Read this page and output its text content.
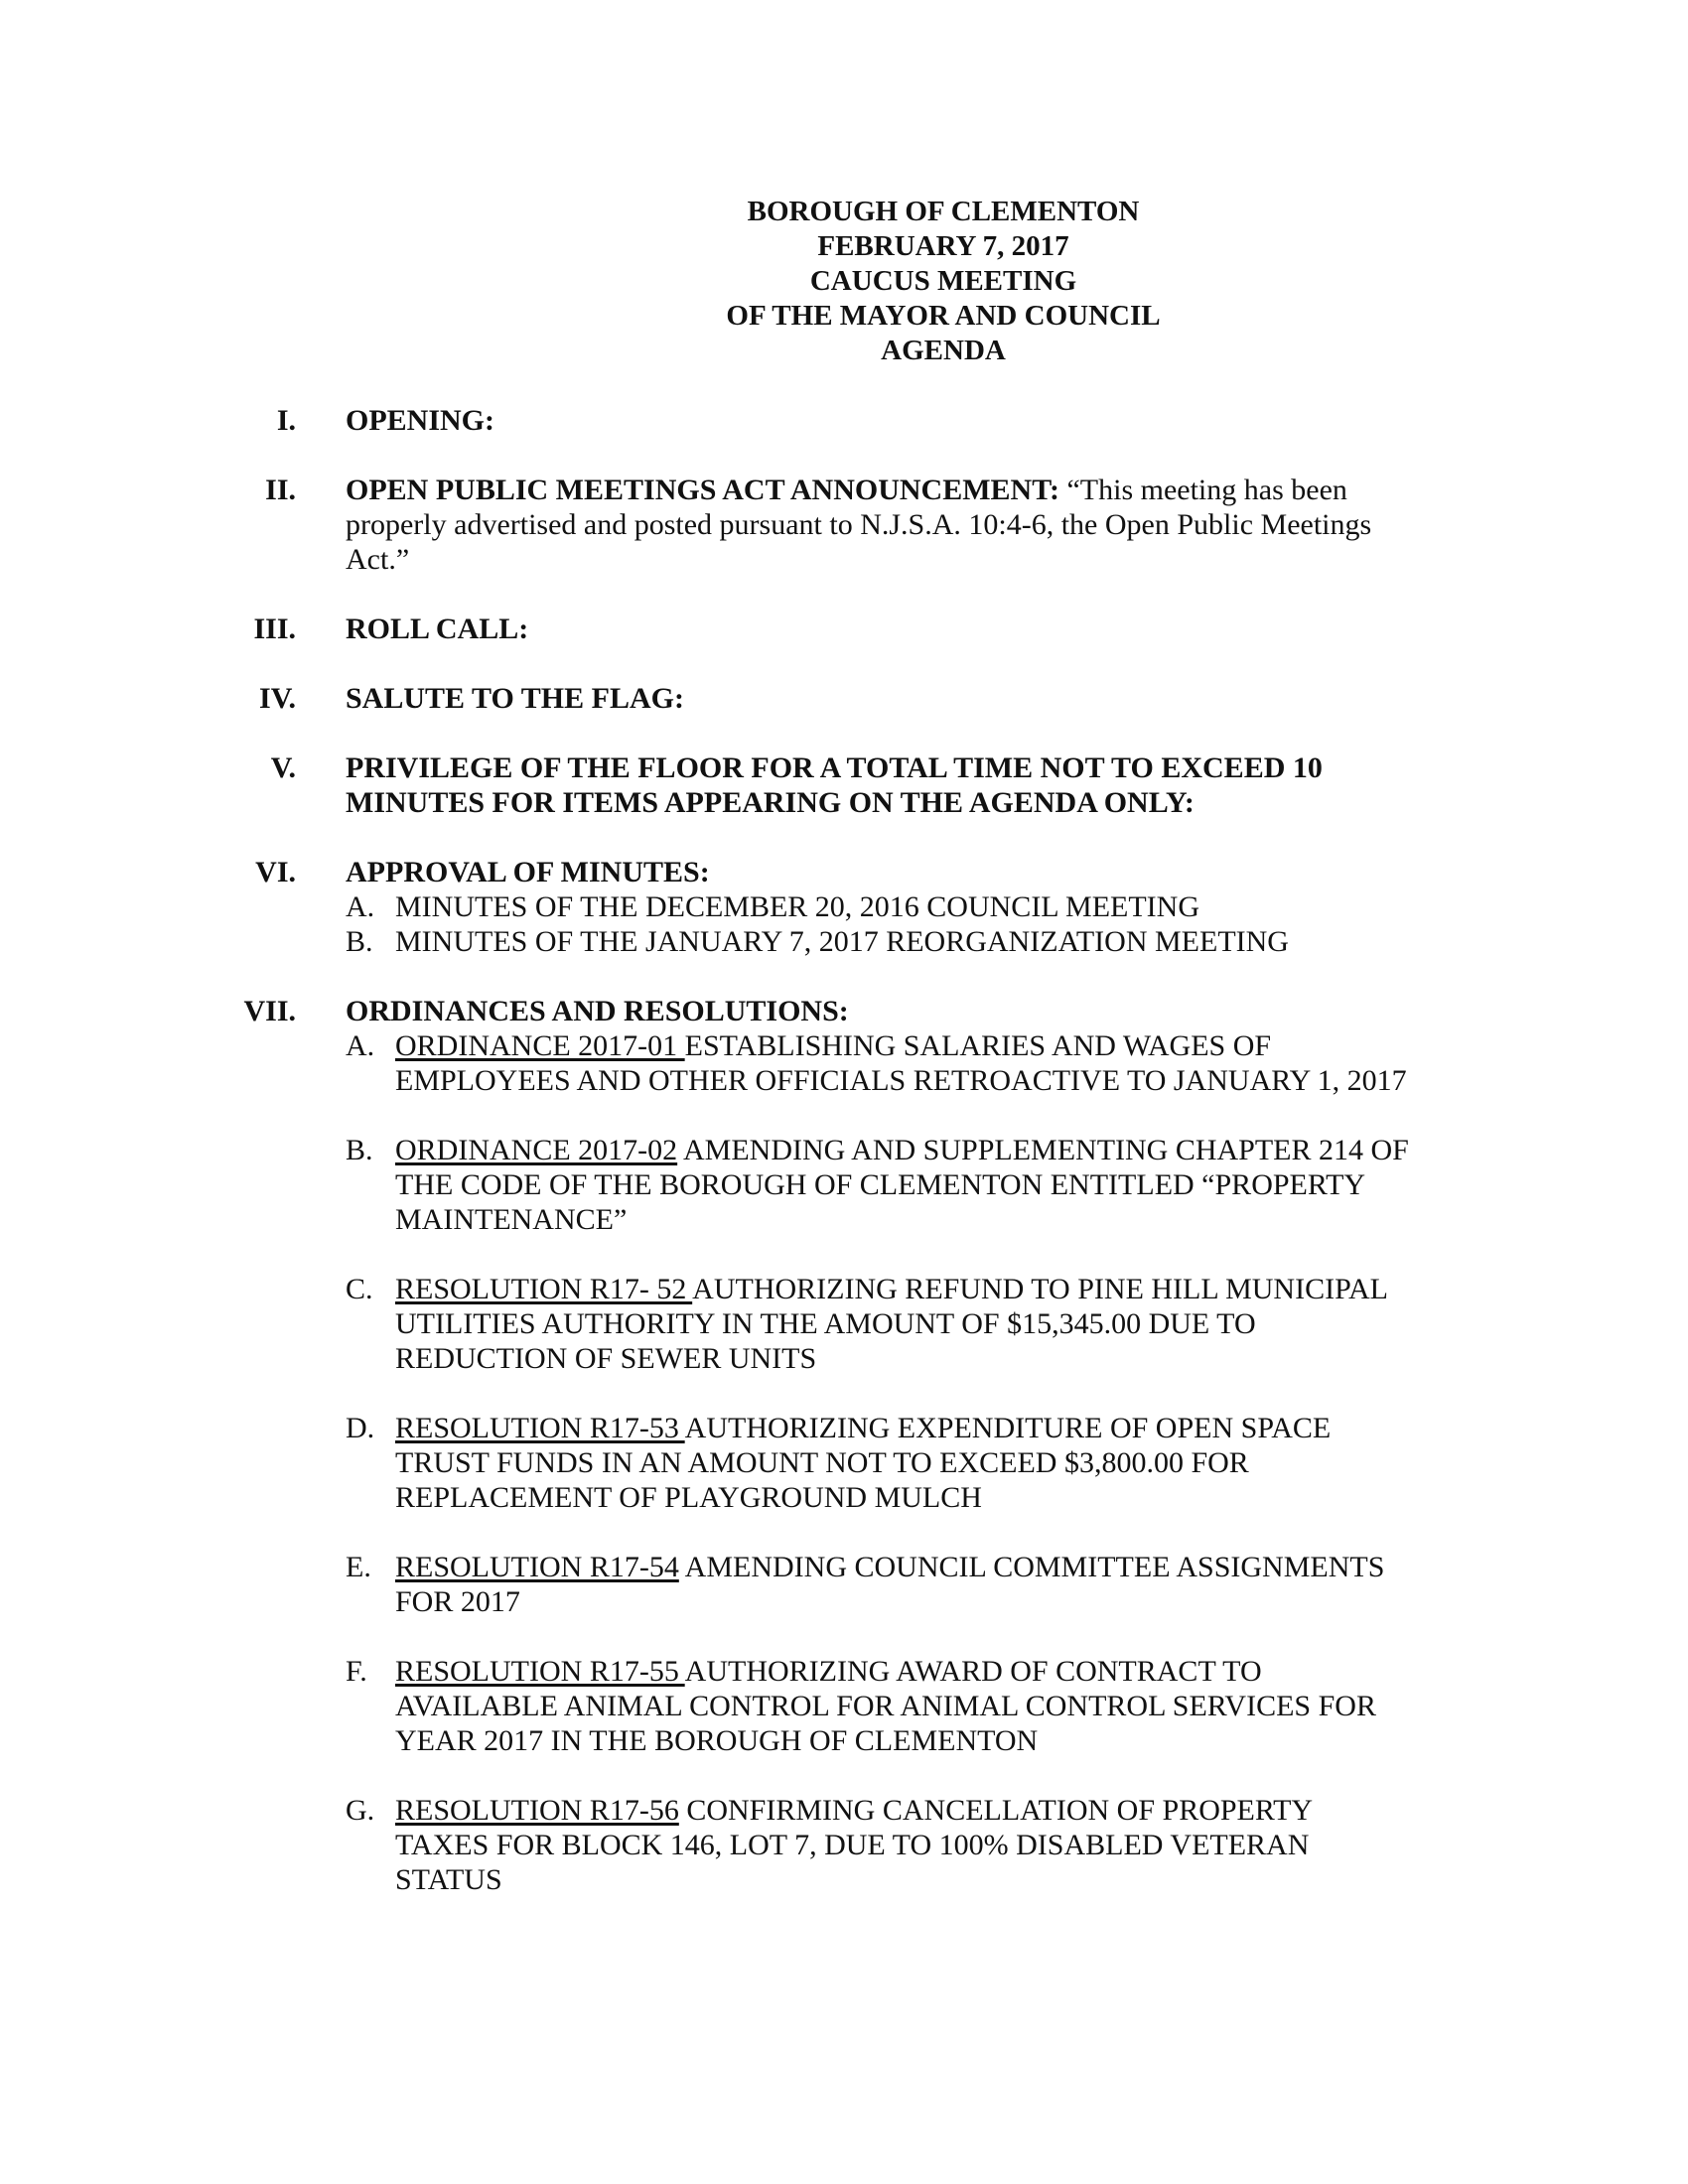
BOROUGH OF CLEMENTON
FEBRUARY 7, 2017
CAUCUS MEETING
OF THE MAYOR AND COUNCIL
AGENDA
I. OPENING:
II. OPEN PUBLIC MEETINGS ACT ANNOUNCEMENT: “This meeting has been
properly advertised and posted pursuant to N.J.S.A. 10:4-6, the Open Public Meetings
Act.”
III. ROLL CALL:
IV. SALUTE TO THE FLAG:
V. PRIVILEGE OF THE FLOOR FOR A TOTAL TIME NOT TO EXCEED 10
MINUTES FOR ITEMS APPEARING ON THE AGENDA ONLY:
VI. APPROVAL OF MINUTES:
A. MINUTES OF THE DECEMBER 20, 2016 COUNCIL MEETING
B. MINUTES OF THE JANUARY 7, 2017 REORGANIZATION MEETING
VII. ORDINANCES AND RESOLUTIONS:
A. ORDINANCE 2017-01 ESTABLISHING SALARIES AND WAGES OF
EMPLOYEES AND OTHER OFFICIALS RETROACTIVE TO JANUARY 1, 2017
B. ORDINANCE 2017-02 AMENDING AND SUPPLEMENTING CHAPTER 214 OF
THE CODE OF THE BOROUGH OF CLEMENTON ENTITLED “PROPERTY
MAINTENANCE”
C. RESOLUTION R17- 52 AUTHORIZING REFUND TO PINE HILL MUNICIPAL
UTILITIES AUTHORITY IN THE AMOUNT OF $15,345.00 DUE TO
REDUCTION OF SEWER UNITS
D. RESOLUTION R17-53 AUTHORIZING EXPENDITURE OF OPEN SPACE
TRUST FUNDS IN AN AMOUNT NOT TO EXCEED $3,800.00 FOR
REPLACEMENT OF PLAYGROUND MULCH
E. RESOLUTION R17-54 AMENDING COUNCIL COMMITTEE ASSIGNMENTS
FOR 2017
F. RESOLUTION R17-55 AUTHORIZING AWARD OF CONTRACT TO
AVAILABLE ANIMAL CONTROL FOR ANIMAL CONTROL SERVICES FOR
YEAR 2017 IN THE BOROUGH OF CLEMENTON
G. RESOLUTION R17-56 CONFIRMING CANCELLATION OF PROPERTY
TAXES FOR BLOCK 146, LOT 7, DUE TO 100% DISABLED VETERAN
STATUS
